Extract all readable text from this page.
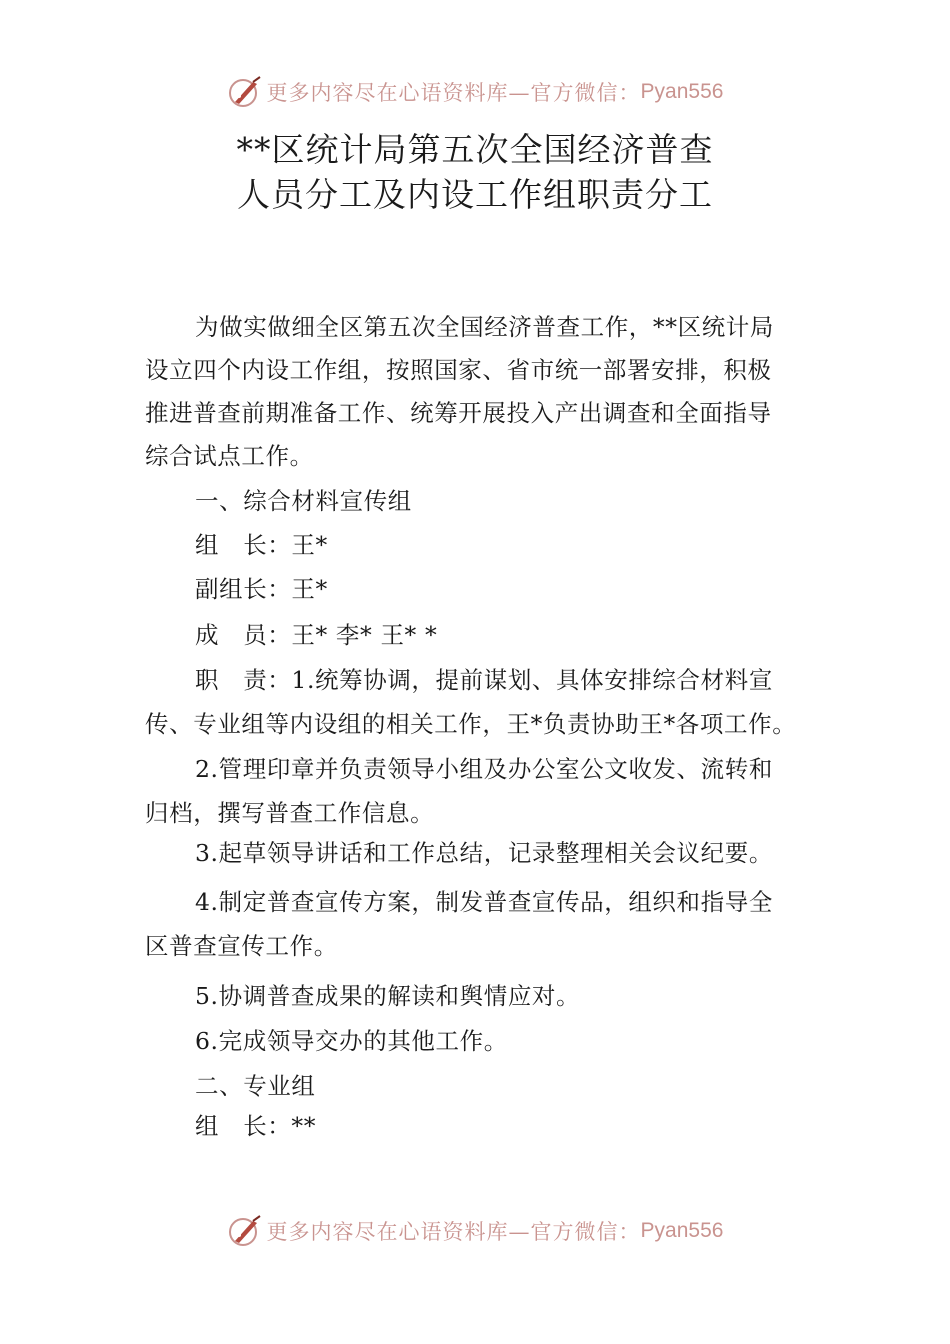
更多内容尽在心语资料库—官方微信： Pyan556
**区统计局第五次全国经济普查
人员分工及内设工作组职责分工

为做实做细全区第五次全国经济普查工作，**区统计局

设立四个内设工作组，按照国家、省市统一部署安排，积极

推进普查前期准备工作、统筹开展投入产出调查和全面指导

综合试点工作。

一、综合材料宣传组

组　长：王*

副组长：王*

成　员：王* 李* 王* *

职　责：1.统筹协调，提前谋划、具体安排综合材料宣

传、专业组等内设组的相关工作，王*负责协助王*各项工作。

2.管理印章并负责领导小组及办公室公文收发、流转和

归档，撰写普查工作信息。

3.起草领导讲话和工作总结，记录整理相关会议纪要。

4.制定普查宣传方案，制发普查宣传品，组织和指导全

区普查宣传工作。

5.协调普查成果的解读和舆情应对。

6.完成领导交办的其他工作。

二、专业组

组　长：**

更多内容尽在心语资料库—官方微信： Pyan556
